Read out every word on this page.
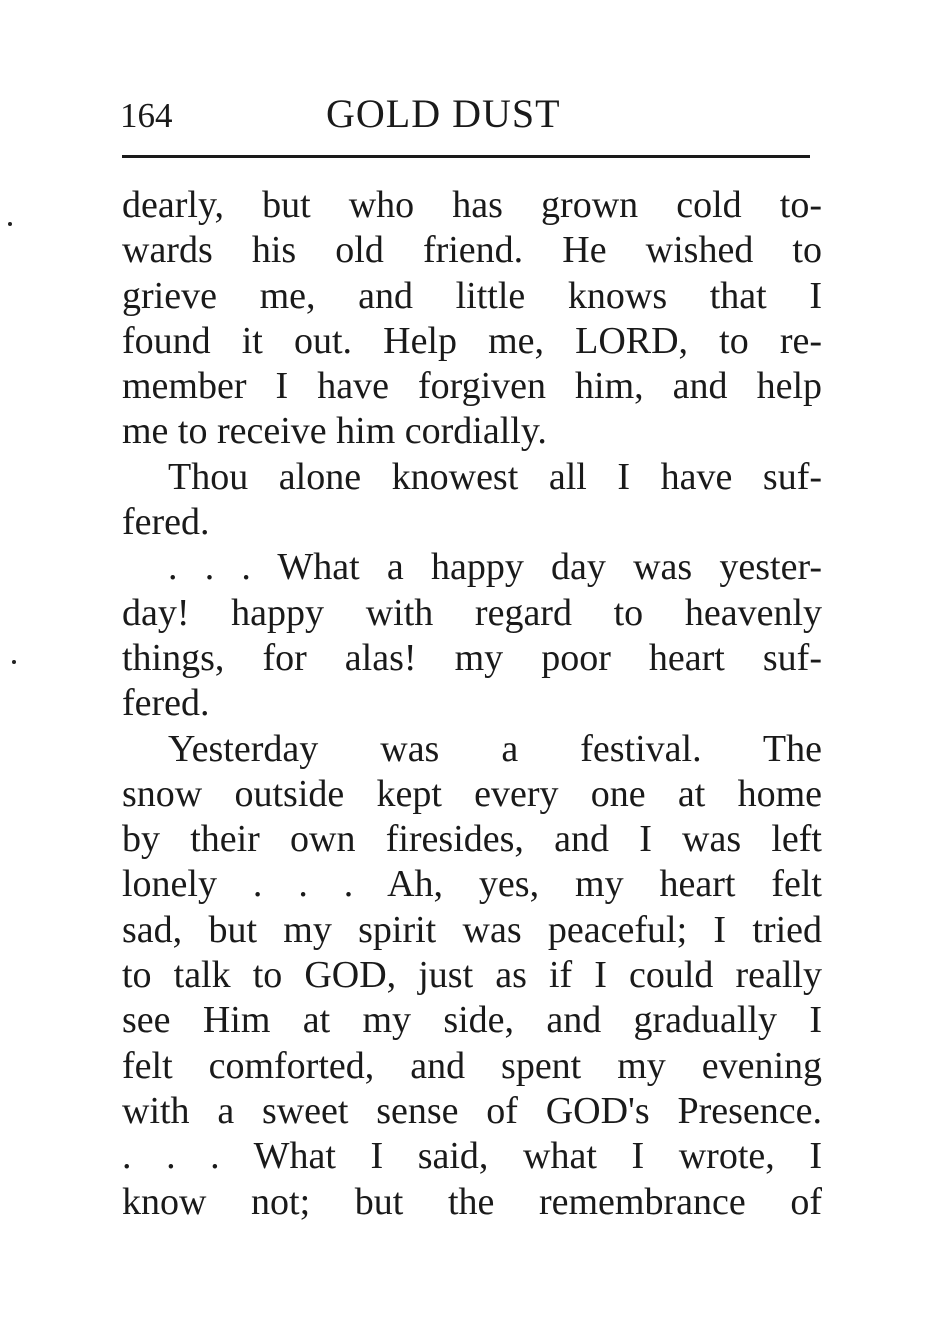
164	GOLD DUST
dearly, but who has grown cold to-
wards his old friend. He wished to
grieve me, and little knows that I
found it out. Help me, LORD, to re-
member I have forgiven him, and help
me to receive him cordially.
Thou alone knowest all I have suf-
fered.
. . . What a happy day was yester-
day! happy with regard to heavenly
things, for alas! my poor heart suf-
fered.
Yesterday was a festival. The
snow outside kept every one at home
by their own firesides, and I was left
lonely . . . Ah, yes, my heart felt
sad, but my spirit was peaceful; I tried
to talk to GOD, just as if I could really
see Him at my side, and gradually I
felt comforted, and spent my evening
with a sweet sense of GOD's Presence.
. . . What I said, what I wrote, I
know not; but the remembrance of
